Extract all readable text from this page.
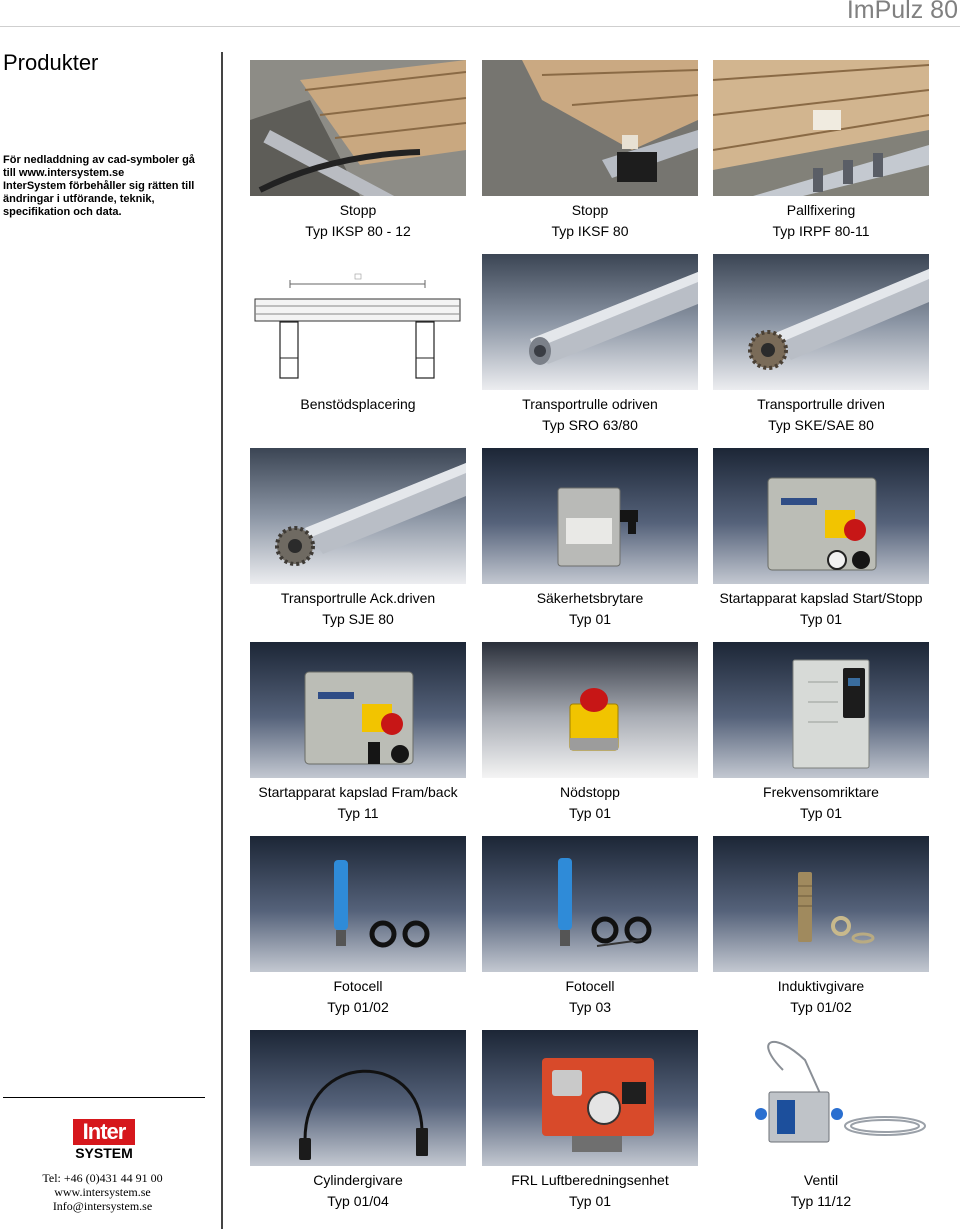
ImPulz 80
Produkter
För nedladdning av cad-symboler gå
till www.intersystem.se
InterSystem förbehåller sig rätten till
ändringar i utförande, teknik,
specifikation och data.
Inter
SYSTEM
Tel: +46 (0)431 44 91 00
www.intersystem.se
Info@intersystem.se
Stopp
Typ IKSP 80 - 12
Stopp
Typ IKSF 80
Pallfixering
Typ IRPF 80-11
Benstödsplacering	Transportrulle odriven
Typ SRO 63/80
Transportrulle driven
Typ SKE/SAE 80
Transportrulle Ack.driven
Typ SJE 80
Säkerhetsbrytare
Typ 01
Startapparat kapslad Start/Stopp
Typ 01
Startapparat kapslad Fram/back
Typ 11
Nödstopp
Typ 01
Frekvensomriktare
Typ 01
Fotocell
Typ 01/02
Fotocell
Typ 03
Induktivgivare
Typ 01/02
Cylindergivare
Typ 01/04
FRL Luftberedningsenhet
Typ 01
Ventil
Typ 11/12
